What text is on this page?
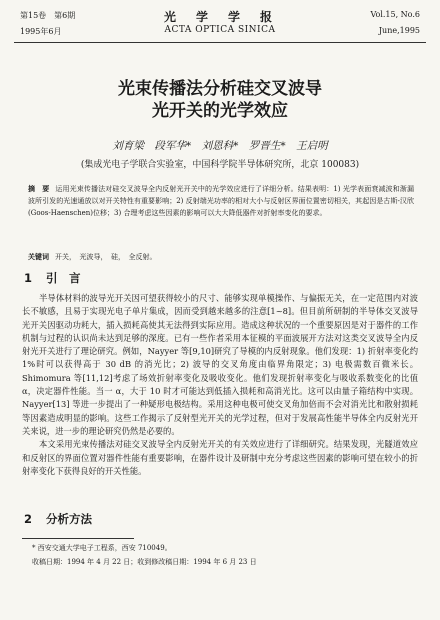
第15卷　第6期
1995年6月
光　学　学　报
ACTA OPTICA SINICA
Vol.15, No.6
June,1995
光束传播法分析硅交叉波导
光开关的光学效应
刘育梁　段军华*　刘恩科*　罗晋生*　王启明
(集成光电子学联合实验室，中国科学院半导体研究所，北京 100083)
摘　要 运用光束传播法对硅交叉波导全内反射光开关中的光学效应进行了详细分析。结果表明：1) 光学表面衰减波和渐漏波所引发的光速通放以对开关特性有重要影响；2) 反射端光功率的相对大小与反射区界面位置密切相关，其起因是古斯-汉欣(Goos-Haenschen)位移；3) 合理考虑这些因素的影响可以大大降低器件对折射率变化的要求。
关键词 开关，　光波导，　硅，　全反射。
1 引　言

半导体材料的波导光开关因可望获得较小的尺寸、能够实现单模操作、与偏振无关，在一定范围内对波长不敏感，且易于实现光电子单片集成，因而受到越来越多的注意[1~8]。但目前所研制的半导体交叉波导光开关因驱动功耗大，插入损耗高使其无法得到实际应用。造成这种状况的一个重要原因是对于器件的工作机制与过程的认识尚未达到足够的深度。已有一些作者采用本征模的平面波展开方法对这类交叉波导全内反射光开关进行了理论研究。例如，Nayyer 等[9,10]研究了导模的内反射现象。他们发现：1) 折射率变化约 1%时可以获得高于 30 dB 的消光比；2) 波导的交叉角度由临界角限定；3) 电极需数百微米长。Shimomura 等[11,12]考虑了场效折射率变化及吸收变化。他们发现折射率变化与吸收系数变化的比值 α，决定器件性能。当一 α，大于 10 时才可能达到低插入损耗和高消光比。这可以由量子箱结构中实现。Nayyer[13] 等进一步提出了一种疑形电极结构。采用这种电极可使交叉角加倍而不会对消光比和散射损耗等因素造成明显的影响。这些工作揭示了反射型光开关的光学过程，但对于发展高性能半导体全内反射光开关来说，进一步的理论研究仍然是必要的。

本文采用光束传播法对硅交叉波导全内反射光开关的有关效应进行了详细研究。结果发现，光隧道效应和反射区的界面位置对器件性能有重要影响，在器件设计及研制中充分考虑这些因素的影响可望在较小的折射率变化下获得良好的开关性能。

2 分析方法
* 西安交通大学电子工程系，西安 710049。
收稿日期：1994 年 4 月 22 日；收到修改稿日期：1994 年 6 月 23 日
